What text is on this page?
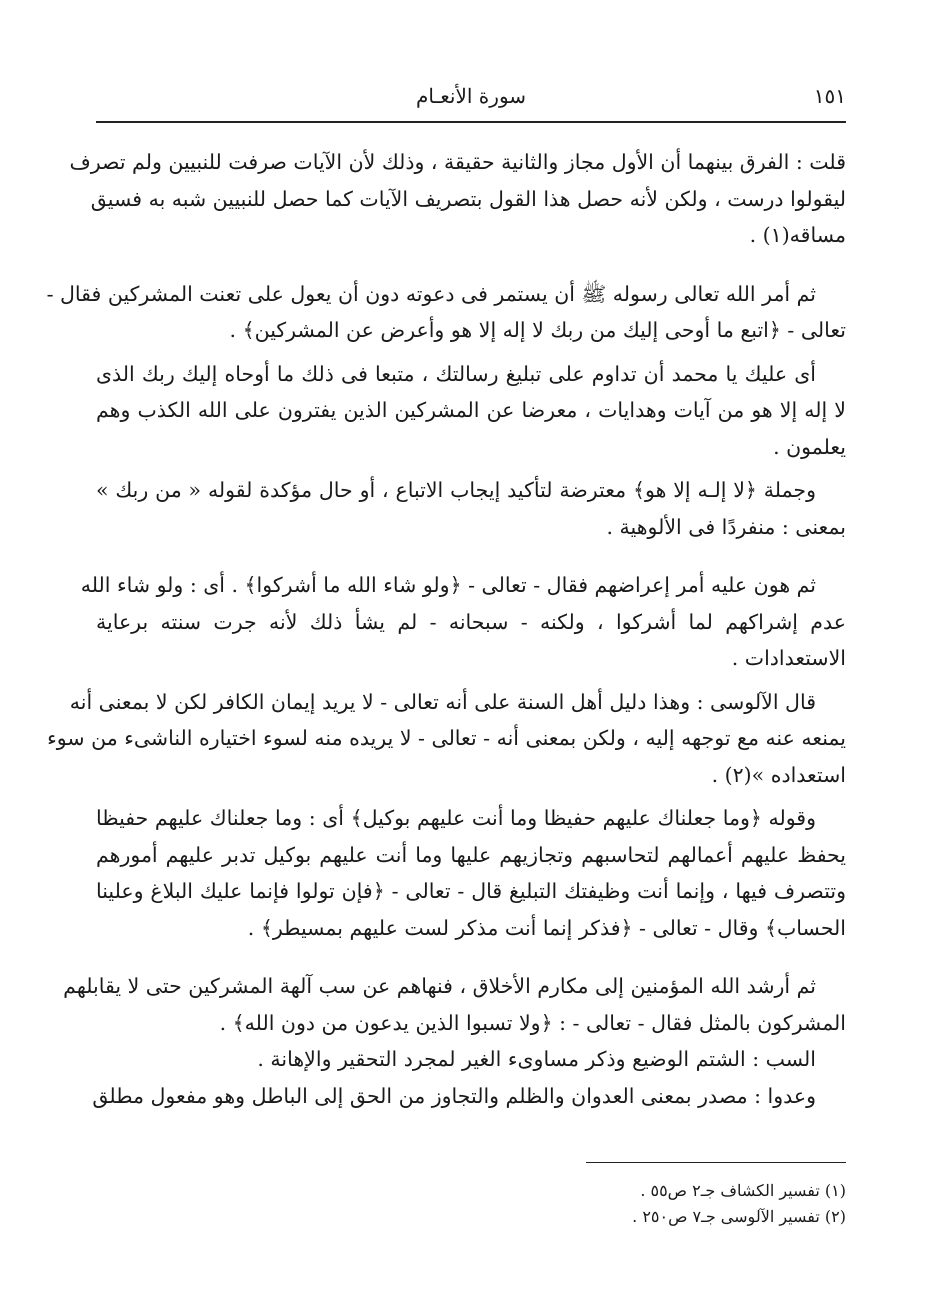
١٥١
سورة الأنعـام

قلت : الفرق بينهما أن الأول مجاز والثانية حقيقة ، وذلك لأن الآيات صرفت للنبيين ولم تصرف
ليقولوا درست ، ولكن لأنه حصل هذا القول بتصريف الآيات كما حصل للنبيين شبه به فسيق
مساقه(١) .

ثم أمر الله تعالى رسوله ﷺ أن يستمر فى دعوته دون أن يعول على تعنت المشركين فقال -
تعالى - ﴿اتبع ما أوحى إليك من ربك لا إله إلا هو وأعرض عن المشركين﴾ .

أى عليك يا محمد أن تداوم على تبليغ رسالتك ، متبعا فى ذلك ما أوحاه إليك ربك الذى
لا إله إلا هو من آيات وهدايات ، معرضا عن المشركين الذين يفترون على الله الكذب وهم
يعلمون .

وجملة ﴿لا إلـه إلا هو﴾ معترضة لتأكيد إيجاب الاتباع ، أو حال مؤكدة لقوله « من ربك »
بمعنى : منفردًا فى الألوهية .

ثم هون عليه أمر إعراضهم فقال - تعالى - ﴿ولو شاء الله ما أشركوا﴾ . أى : ولو شاء الله
عدم إشراكهم لما أشركوا ، ولكنه - سبحانه - لم يشأ ذلك لأنه جرت سنته برعاية
الاستعدادات .

قال الآلوسى : وهذا دليل أهل السنة على أنه تعالى - لا يريد إيمان الكافر لكن لا بمعنى أنه
يمنعه عنه مع توجهه إليه ، ولكن بمعنى أنه - تعالى - لا يريده منه لسوء اختياره الناشىء من سوء
استعداده »(٢) .

وقوله ﴿وما جعلناك عليهم حفيظا وما أنت عليهم بوكيل﴾ أى : وما جعلناك عليهم حفيظا
يحفظ عليهم أعمالهم لتحاسبهم وتجازيهم عليها وما أنت عليهم بوكيل تدبر عليهم أمورهم
وتتصرف فيها ، وإنما أنت وظيفتك التبليغ قال - تعالى - ﴿فإن تولوا فإنما عليك البلاغ وعلينا
الحساب﴾ وقال - تعالى - ﴿فذكر إنما أنت مذكر لست عليهم بمسيطر﴾ .

ثم أرشد الله المؤمنين إلى مكارم الأخلاق ، فنهاهم عن سب آلهة المشركين حتى لا يقابلهم
المشركون بالمثل فقال - تعالى - : ﴿ولا تسبوا الذين يدعون من دون الله﴾ .

السب : الشتم الوضيع وذكر مساوىء الغير لمجرد التحقير والإهانة .

وعدوا : مصدر بمعنى العدوان والظلم والتجاوز من الحق إلى الباطل وهو مفعول مطلق

(١) تفسير الكشاف جـ٢ ص٥٥ .
(٢) تفسير الآلوسى جـ٧ ص٢٥٠ .
